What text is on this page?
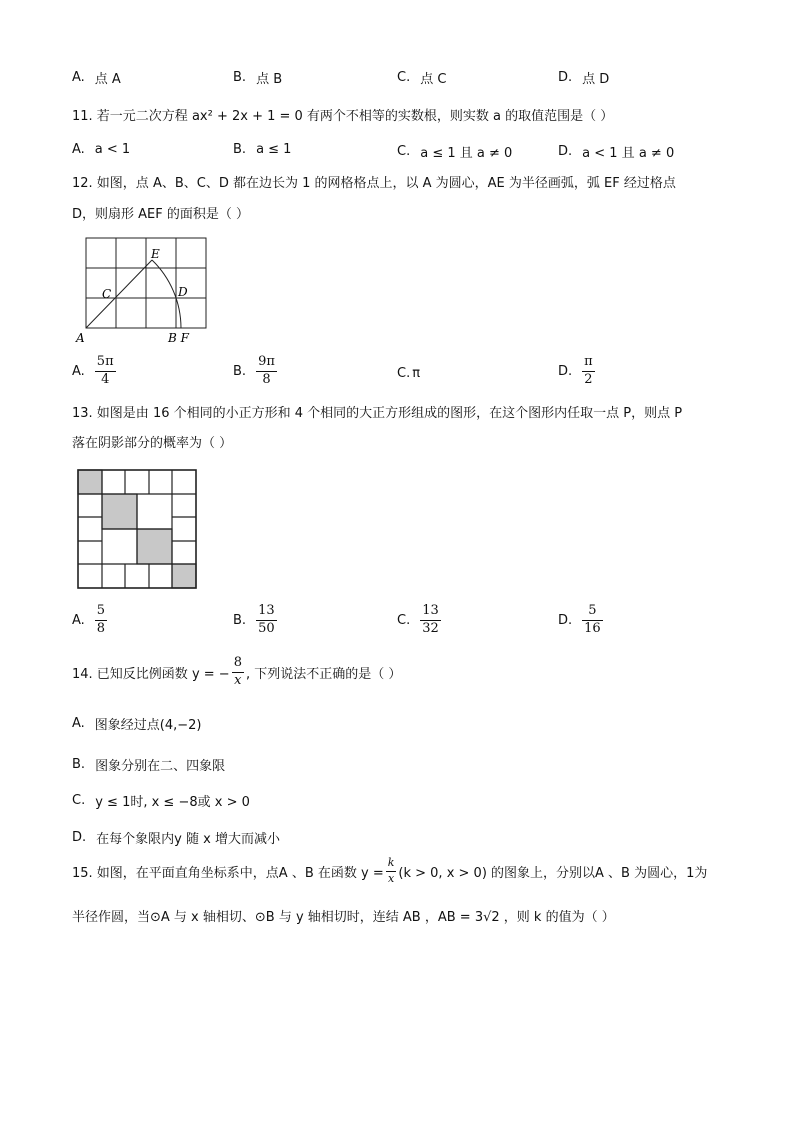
A. 点 A	B. 点 B	C. 点 C	D. 点 D
11. 若一元二次方程 ax² + 2x + 1 = 0 有两个不相等的实数根，则实数 a 的取值范围是（ ）
A. a < 1	B. a ≤ 1	C. a ≤ 1 且 a ≠ 0	D. a < 1 且 a ≠ 0
12. 如图，点 A、B、C、D 都在边长为 1 的网格格点上，以 A 为圆心，AE 为半径画弧，弧 EF 经过格点
D，则扇形 AEF 的面积是（ ）
E
C	D
A	B F
A. $\frac{5\pi}{4}$	B. $\frac{9\pi}{8}$	C. π	D. $\frac{\pi}{2}$
13. 如图是由 16 个相同的小正方形和 4 个相同的大正方形组成的图形，在这个图形内任取一点 P，则点 P
落在阴影部分的概率为（ ）
A. $\frac{5}{8}$	B. $\frac{13}{50}$	C. $\frac{13}{32}$	D. $\frac{5}{16}$
14. 已知反比例函数 y = − $\frac{8}{x}$ , 下列说法不正确的是（ ）
A. 图象经过点(4,−2)
B. 图象分别在二、四象限
C. y ≤ 1时, x ≤ −8或 x > 0
D. 在每个象限内y 随 x 增大而减小
15. 如图，在平面直角坐标系中，点A 、B 在函数 $y = \frac{k}{x} (k > 0$, x > 0) 的图象上，分别以A 、B 为圆心，1为
半径作圆，当⊙A 与 x 轴相切、⊙B 与 y 轴相切时，连结 AB ，AB = 3√2 ，则 k 的值为（ ）
